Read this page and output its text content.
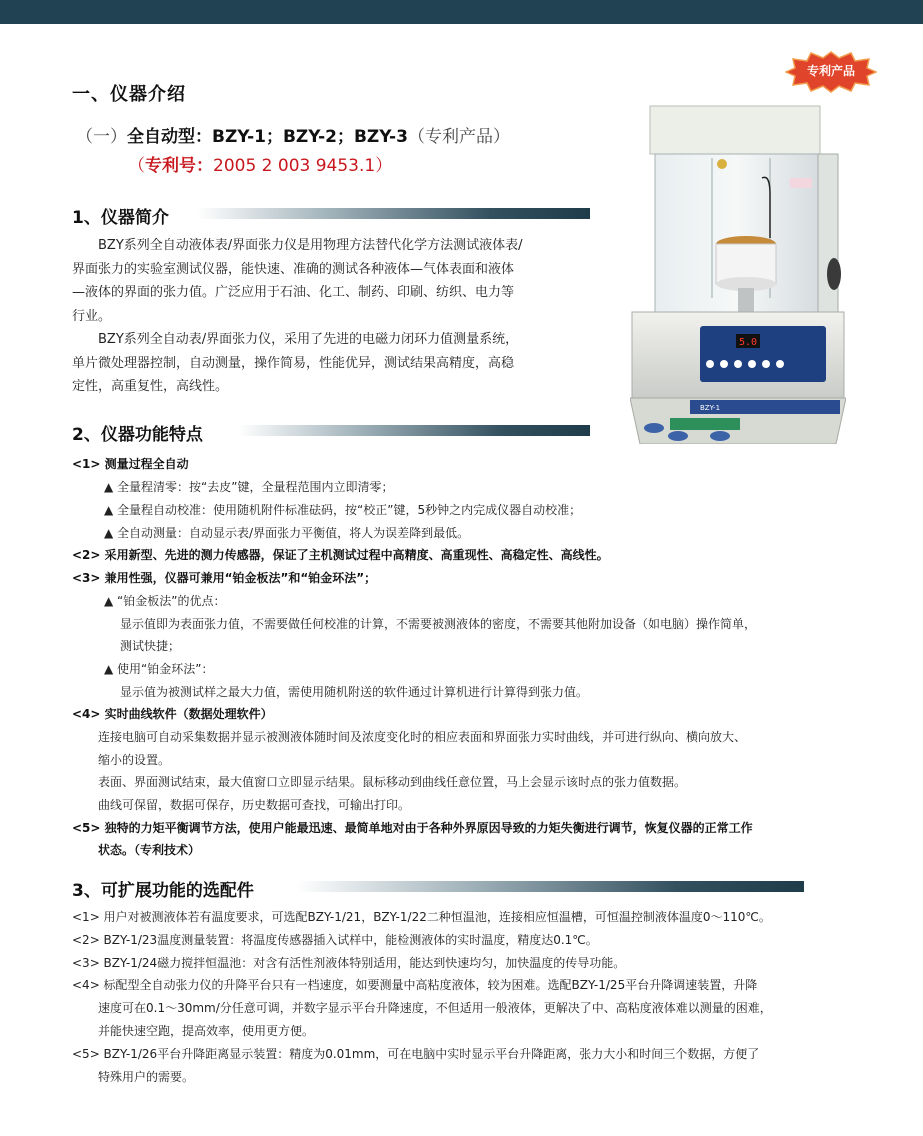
专利产品
一、仪器介绍
（一）全自动型：BZY-1；BZY-2；BZY-3（专利产品）
（专利号：2005 2 003 9453.1）
1、仪器简介

BZY系列全自动液体表/界面张力仪是用物理方法替代化学方法测试液体表/

界面张力的实验室测试仪器，能快速、准确的测试各种液体—气体表面和液体

—液体的界面的张力值。广泛应用于石油、化工、制药、印刷、纺织、电力等

行业。

BZY系列全自动表/界面张力仪，采用了先进的电磁力闭环力值测量系统，

单片微处理器控制，自动测量，操作简易，性能优异，测试结果高精度，高稳

定性，高重复性，高线性。

5.0
BZY-1
2、仪器功能特点
<1> 测量过程全自动
▲ 全量程清零：按“去皮”键，全量程范围内立即清零；
▲ 全量程自动校准：使用随机附件标准砝码，按“校正”键，5秒钟之内完成仪器自动校准；
▲ 全自动测量：自动显示表/界面张力平衡值，将人为误差降到最低。
<2> 采用新型、先进的测力传感器，保证了主机测试过程中高精度、高重现性、高稳定性、高线性。
<3> 兼用性强，仪器可兼用“铂金板法”和“铂金环法”；
▲ “铂金板法”的优点：
显示值即为表面张力值，不需要做任何校准的计算，不需要被测液体的密度，不需要其他附加设备（如电脑）操作简单，
测试快捷；
▲ 使用“铂金环法”：
显示值为被测试样之最大力值，需使用随机附送的软件通过计算机进行计算得到张力值。
<4> 实时曲线软件（数据处理软件）
连接电脑可自动采集数据并显示被测液体随时间及浓度变化时的相应表面和界面张力实时曲线，并可进行纵向、横向放大、
缩小的设置。
表面、界面测试结束，最大值窗口立即显示结果。鼠标移动到曲线任意位置，马上会显示该时点的张力值数据。
曲线可保留，数据可保存，历史数据可查找，可输出打印。
<5> 独特的力矩平衡调节方法，使用户能最迅速、最简单地对由于各种外界原因导致的力矩失衡进行调节，恢复仪器的正常工作
状态。（专利技术）
3、可扩展功能的选配件
<1> 用户对被测液体若有温度要求，可选配BZY-1/21，BZY-1/22二种恒温池，连接相应恒温槽，可恒温控制液体温度0～110℃。
<2> BZY-1/23温度测量装置：将温度传感器插入试样中，能检测液体的实时温度，精度达0.1℃。
<3> BZY-1/24磁力搅拌恒温池：对含有活性剂液体特别适用，能达到快速均匀，加快温度的传导功能。
<4> 标配型全自动张力仪的升降平台只有一档速度，如要测量中高粘度液体，较为困难。选配BZY-1/25平台升降调速装置，升降
速度可在0.1～30mm/分任意可调，并数字显示平台升降速度，不但适用一般液体，更解决了中、高粘度液体难以测量的困难，
并能快速空跑，提高效率，使用更方便。
<5> BZY-1/26平台升降距离显示装置：精度为0.01mm，可在电脑中实时显示平台升降距离，张力大小和时间三个数据，方便了
特殊用户的需要。
